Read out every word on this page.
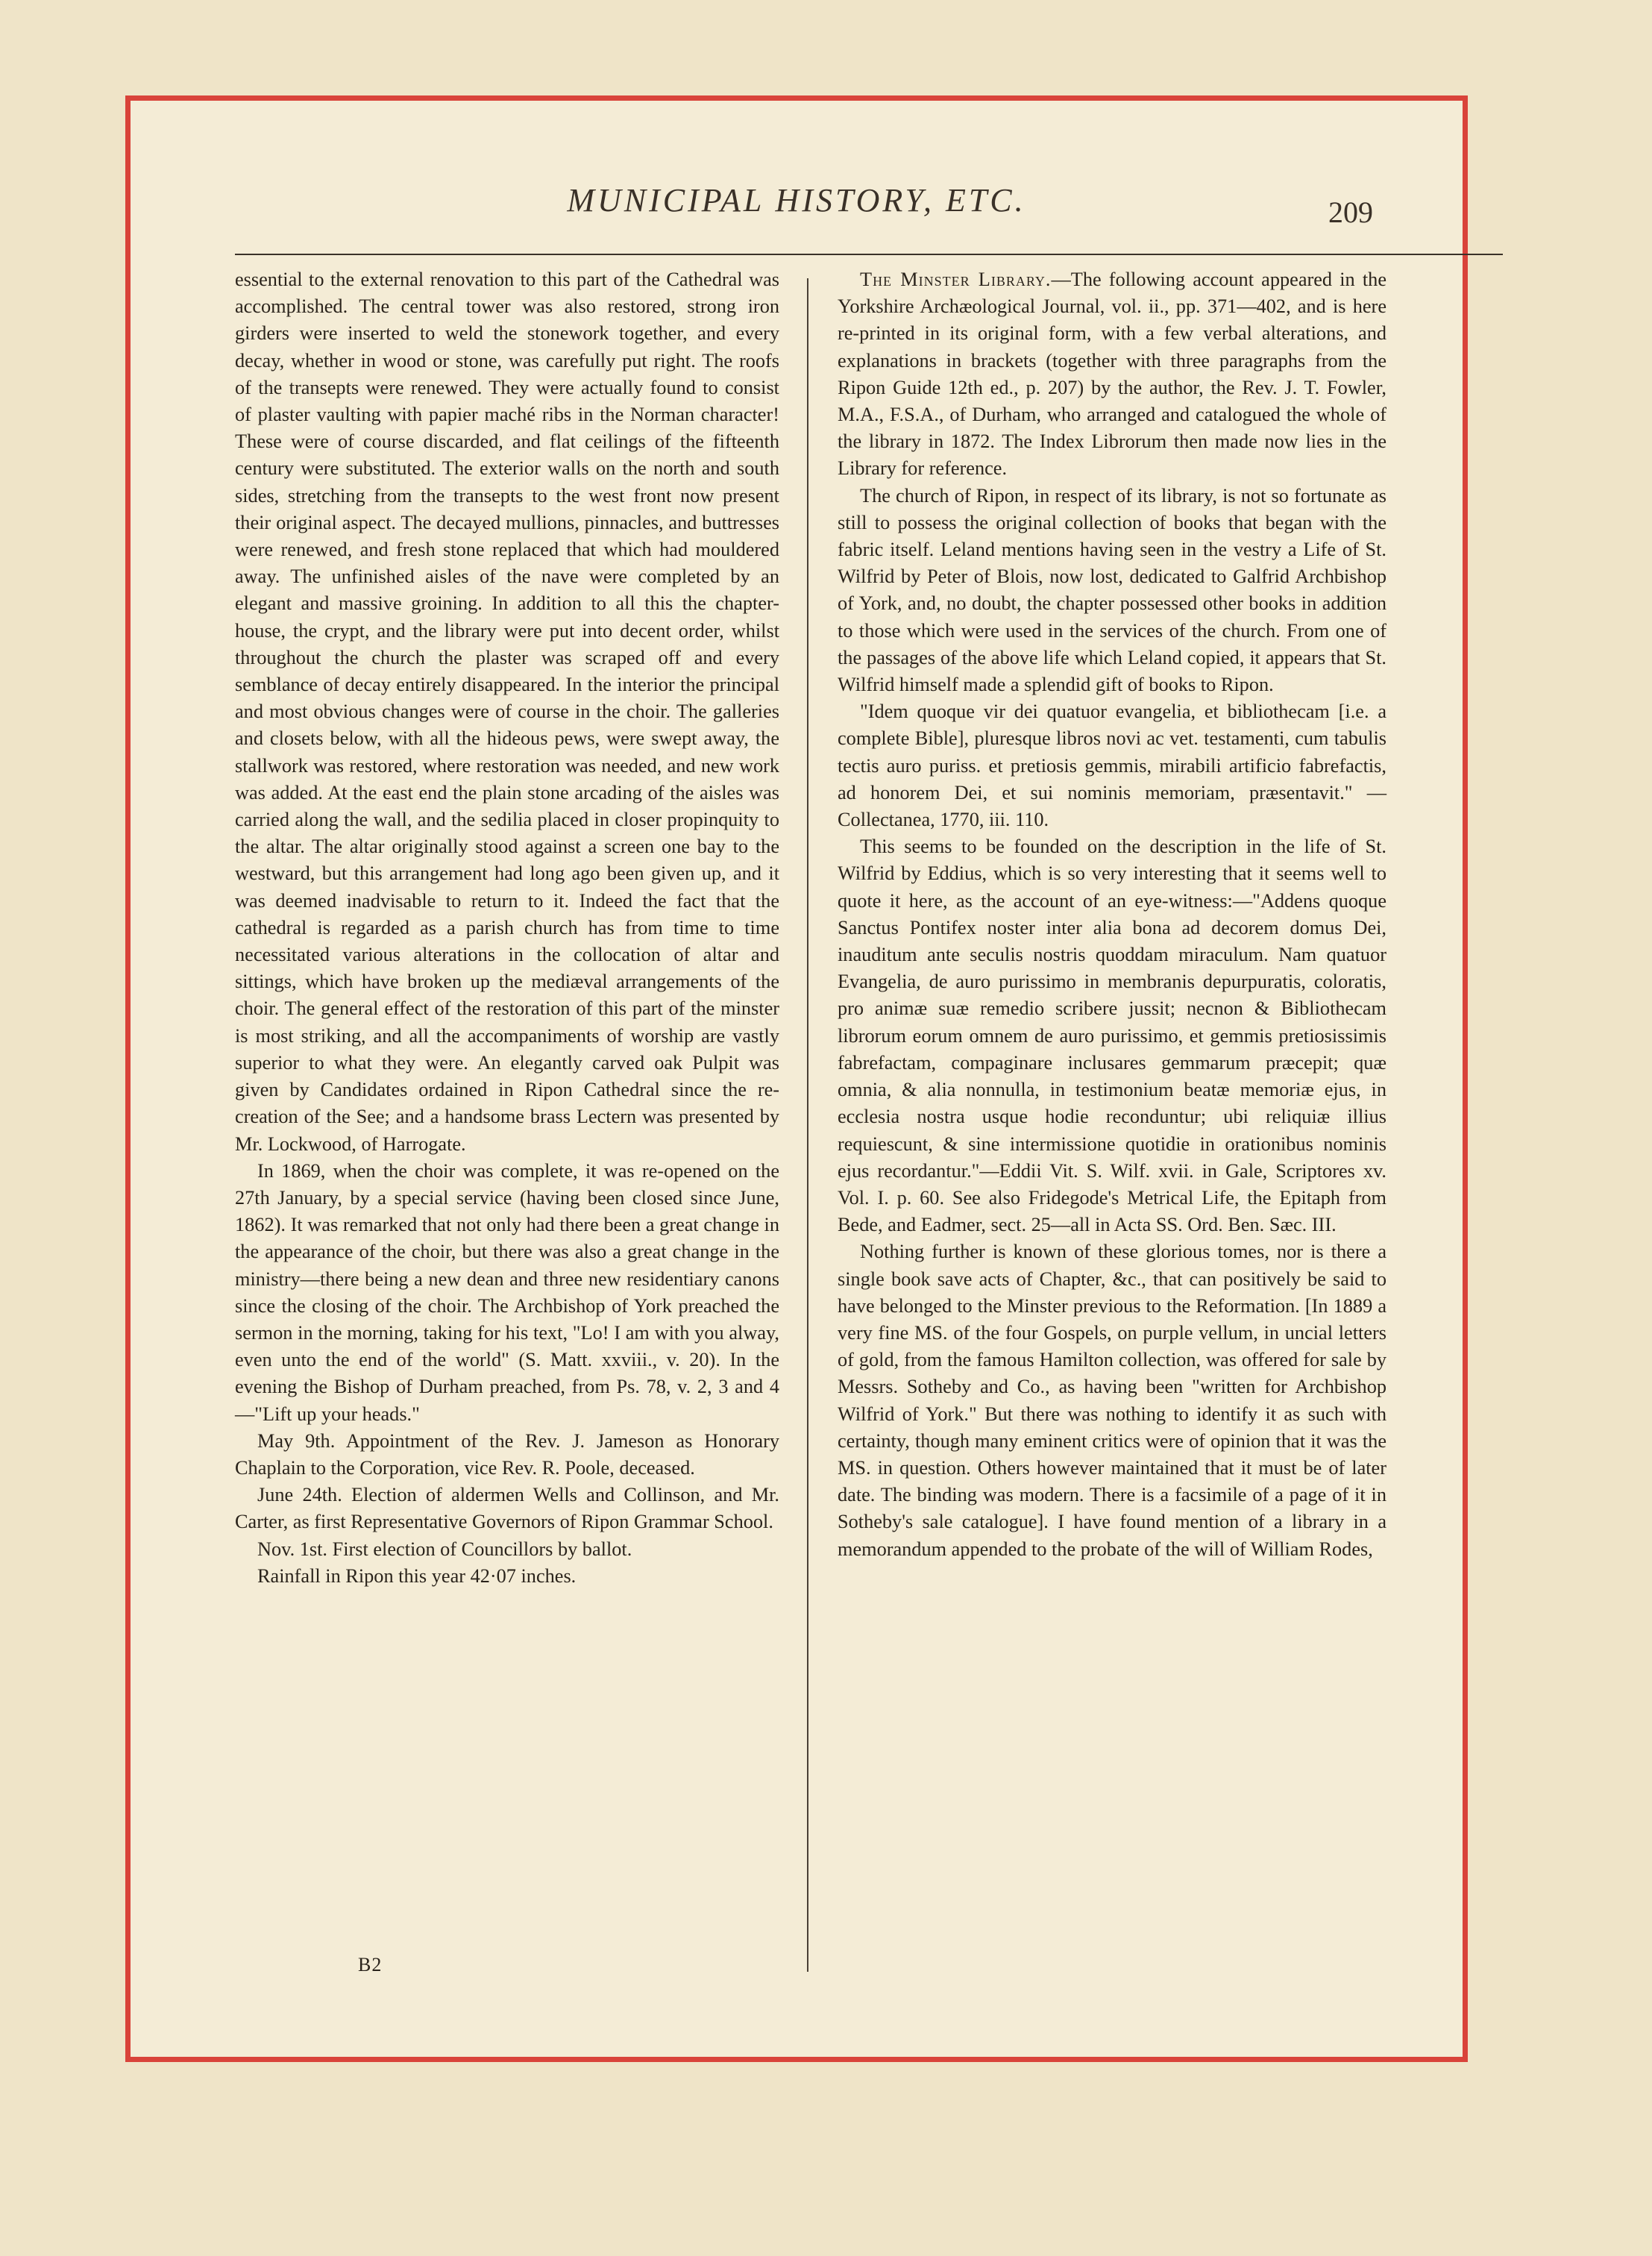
MUNICIPAL HISTORY, ETC.	209

essential to the external renovation to this part of the Cathedral was accomplished. The central tower was also restored, strong iron girders were inserted to weld the stonework together, and every decay, whether in wood or stone, was carefully put right. The roofs of the transepts were renewed. They were actually found to consist of plaster vaulting with papier maché ribs in the Norman character! These were of course discarded, and flat ceilings of the fifteenth century were substituted. The exterior walls on the north and south sides, stretching from the transepts to the west front now present their original aspect. The decayed mullions, pinnacles, and buttresses were renewed, and fresh stone replaced that which had mouldered away. The unfinished aisles of the nave were completed by an elegant and massive groining. In addition to all this the chapter-house, the crypt, and the library were put into decent order, whilst throughout the church the plaster was scraped off and every semblance of decay entirely disappeared. In the interior the principal and most obvious changes were of course in the choir. The galleries and closets below, with all the hideous pews, were swept away, the stallwork was restored, where restoration was needed, and new work was added. At the east end the plain stone arcading of the aisles was carried along the wall, and the sedilia placed in closer propinquity to the altar. The altar originally stood against a screen one bay to the westward, but this arrangement had long ago been given up, and it was deemed inadvisable to return to it. Indeed the fact that the cathedral is regarded as a parish church has from time to time necessitated various alterations in the collocation of altar and sittings, which have broken up the mediæval arrangements of the choir. The general effect of the restoration of this part of the minster is most striking, and all the accompaniments of worship are vastly superior to what they were. An elegantly carved oak Pulpit was given by Candidates ordained in Ripon Cathedral since the re-creation of the See; and a handsome brass Lectern was presented by Mr. Lockwood, of Harrogate.

In 1869, when the choir was complete, it was re-opened on the 27th January, by a special service (having been closed since June, 1862). It was remarked that not only had there been a great change in the appearance of the choir, but there was also a great change in the ministry—there being a new dean and three new residentiary canons since the closing of the choir. The Archbishop of York preached the sermon in the morning, taking for his text, "Lo! I am with you alway, even unto the end of the world" (S. Matt. xxviii., v. 20). In the evening the Bishop of Durham preached, from Ps. 78, v. 2, 3 and 4—"Lift up your heads."

May 9th. Appointment of the Rev. J. Jameson as Honorary Chaplain to the Corporation, vice Rev. R. Poole, deceased.

June 24th. Election of aldermen Wells and Collinson, and Mr. Carter, as first Representative Governors of Ripon Grammar School.

Nov. 1st. First election of Councillors by ballot.

Rainfall in Ripon this year 42·07 inches.

The Minster Library.—The following account appeared in the Yorkshire Archæological Journal, vol. ii., pp. 371—402, and is here re-printed in its original form, with a few verbal alterations, and explanations in brackets (together with three paragraphs from the Ripon Guide 12th ed., p. 207) by the author, the Rev. J. T. Fowler, M.A., F.S.A., of Durham, who arranged and catalogued the whole of the library in 1872. The Index Librorum then made now lies in the Library for reference.

The church of Ripon, in respect of its library, is not so fortunate as still to possess the original collection of books that began with the fabric itself. Leland mentions having seen in the vestry a Life of St. Wilfrid by Peter of Blois, now lost, dedicated to Galfrid Archbishop of York, and, no doubt, the chapter possessed other books in addition to those which were used in the services of the church. From one of the passages of the above life which Leland copied, it appears that St. Wilfrid himself made a splendid gift of books to Ripon.

"Idem quoque vir dei quatuor evangelia, et bibliothecam [i.e. a complete Bible], pluresque libros novi ac vet. testamenti, cum tabulis tectis auro puriss. et pretiosis gemmis, mirabili artificio fabrefactis, ad honorem Dei, et sui nominis memoriam, præsentavit." —Collectanea, 1770, iii. 110.

This seems to be founded on the description in the life of St. Wilfrid by Eddius, which is so very interesting that it seems well to quote it here, as the account of an eye-witness:—"Addens quoque Sanctus Pontifex noster inter alia bona ad decorem domus Dei, inauditum ante seculis nostris quoddam miraculum. Nam quatuor Evangelia, de auro purissimo in membranis depurpuratis, coloratis, pro animæ suæ remedio scribere jussit; necnon & Bibliothecam librorum eorum omnem de auro purissimo, et gemmis pretiosissimis fabrefactam, compaginare inclusares gemmarum præcepit; quæ omnia, & alia nonnulla, in testimonium beatæ memoriæ ejus, in ecclesia nostra usque hodie reconduntur; ubi reliquiæ illius requiescunt, & sine intermissione quotidie in orationibus nominis ejus recordantur."—Eddii Vit. S. Wilf. xvii. in Gale, Scriptores xv. Vol. I. p. 60. See also Fridegode's Metrical Life, the Epitaph from Bede, and Eadmer, sect. 25—all in Acta SS. Ord. Ben. Sæc. III.

Nothing further is known of these glorious tomes, nor is there a single book save acts of Chapter, &c., that can positively be said to have belonged to the Minster previous to the Reformation. [In 1889 a very fine MS. of the four Gospels, on purple vellum, in uncial letters of gold, from the famous Hamilton collection, was offered for sale by Messrs. Sotheby and Co., as having been "written for Archbishop Wilfrid of York." But there was nothing to identify it as such with certainty, though many eminent critics were of opinion that it was the MS. in question. Others however maintained that it must be of later date. The binding was modern. There is a facsimile of a page of it in Sotheby's sale catalogue]. I have found mention of a library in a memorandum appended to the probate of the will of William Rodes,

B2
